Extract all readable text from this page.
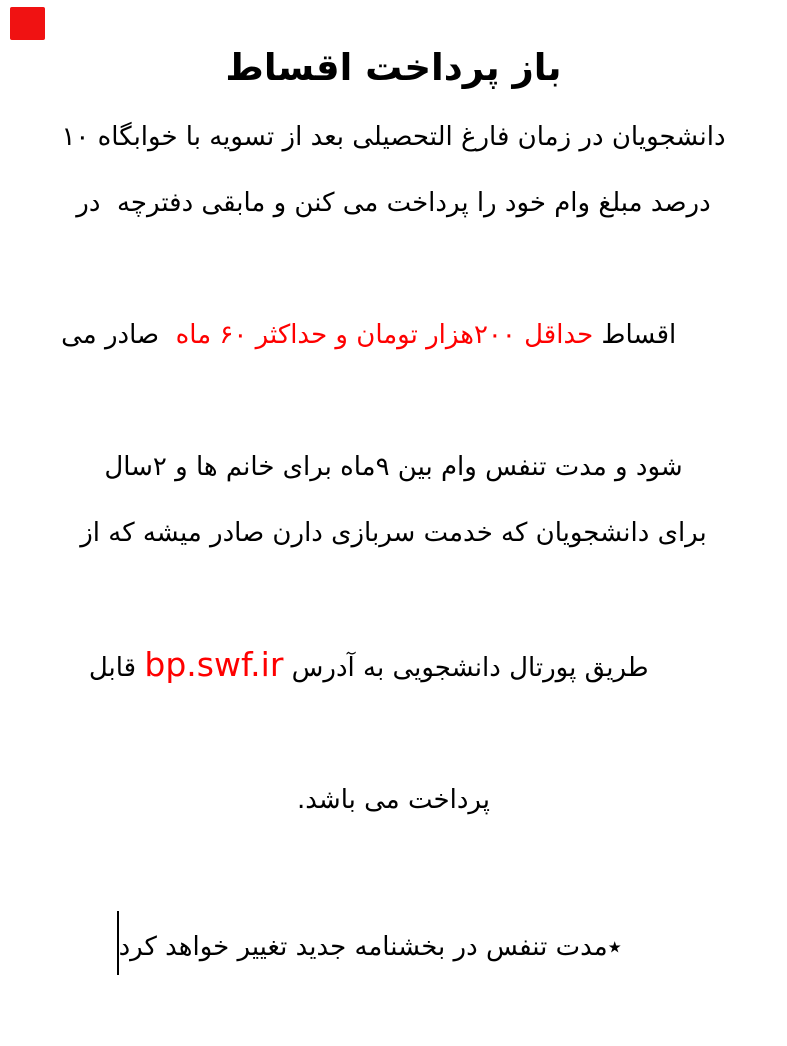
باز پرداخت اقساط

دانشجویان در زمان فارغ التحصیلی بعد از تسویه با خوابگاه ۱۰

درصد مبلغ وام خود را پرداخت می کنن و مابقی دفترچه  در

اقساط حداقل ۲۰۰هزار تومان و حداکثر ۶۰ ماه  صادر می

شود و مدت تنفس وام بین ۹ماه برای خانم ها و ۲سال

برای دانشجویان که خدمت سربازی دارن صادر میشه که از

طریق پورتال دانشجویی به آدرس bp.swf.ir قابل

پرداخت می باشد.

٭مدت تنفس در بخشنامه جدید تغییر خواهد کرد
